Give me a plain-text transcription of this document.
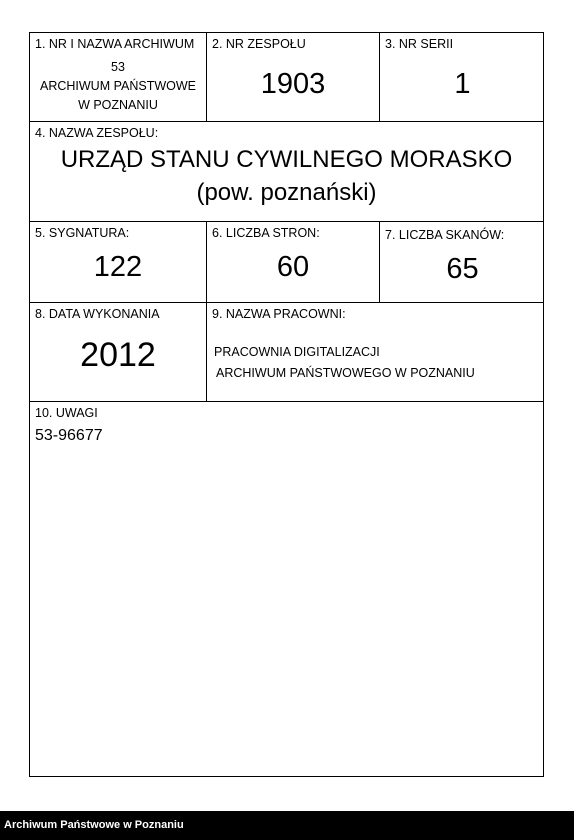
1. NR I NAZWA ARCHIWUM
53
ARCHIWUM PAŃSTWOWE
W POZNANIU
2. NR ZESPOŁU
1903
3. NR SERII
1
4. NAZWA ZESPOŁU:
URZĄD STANU CYWILNEGO MORASKO
(pow. poznański)
5. SYGNATURA:
122
6. LICZBA STRON:
60
7. LICZBA SKANÓW:
65
8. DATA WYKONANIA
2012
9. NAZWA PRACOWNI:
PRACOWNIA DIGITALIZACJI
ARCHIWUM PAŃSTWOWEGO W POZNANIU
10. UWAGI
53-96677
Archiwum Państwowe w Poznaniu
